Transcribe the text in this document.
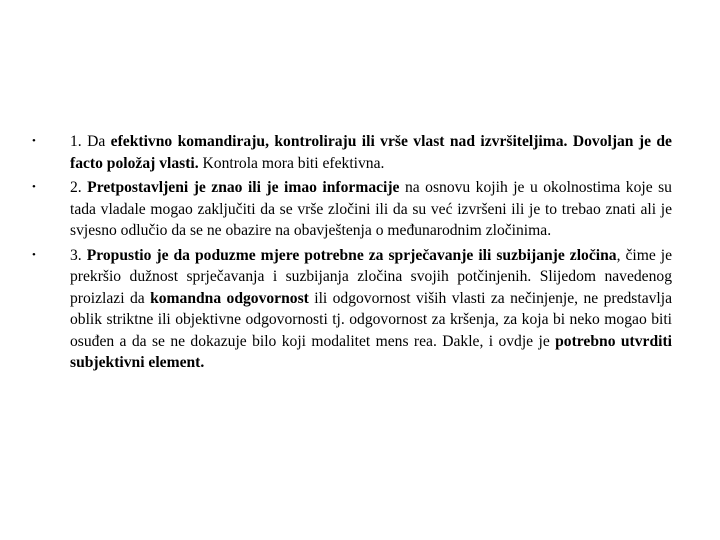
• 1. Da efektivno komandiraju, kontroliraju ili vrše vlast nad izvršiteljima. Dovoljan je de facto položaj vlasti. Kontrola mora biti efektivna.
• 2. Pretpostavljeni je znao ili je imao informacije na osnovu kojih je u okolnostima koje su tada vladale mogao zaključiti da se vrše zločini ili da su već izvršeni ili je to trebao znati ali je svjesno odlučio da se ne obazire na obavještenja o međunarodnim zločinima.
• 3. Propustio je da poduzme mjere potrebne za sprječavanje ili suzbijanje zločina, čime je prekršio dužnost sprječavanja i suzbijanja zločina svojih potčinjenih. Slijedom navedenog proizlazi da komandna odgovornost ili odgovornost viših vlasti za nečinjenje, ne predstavlja oblik striktne ili objektivne odgovornosti tj. odgovornost za kršenja, za koja bi neko mogao biti osuđen a da se ne dokazuje bilo koji modalitet mens rea. Dakle, i ovdje je potrebno utvrditi subjektivni element.
